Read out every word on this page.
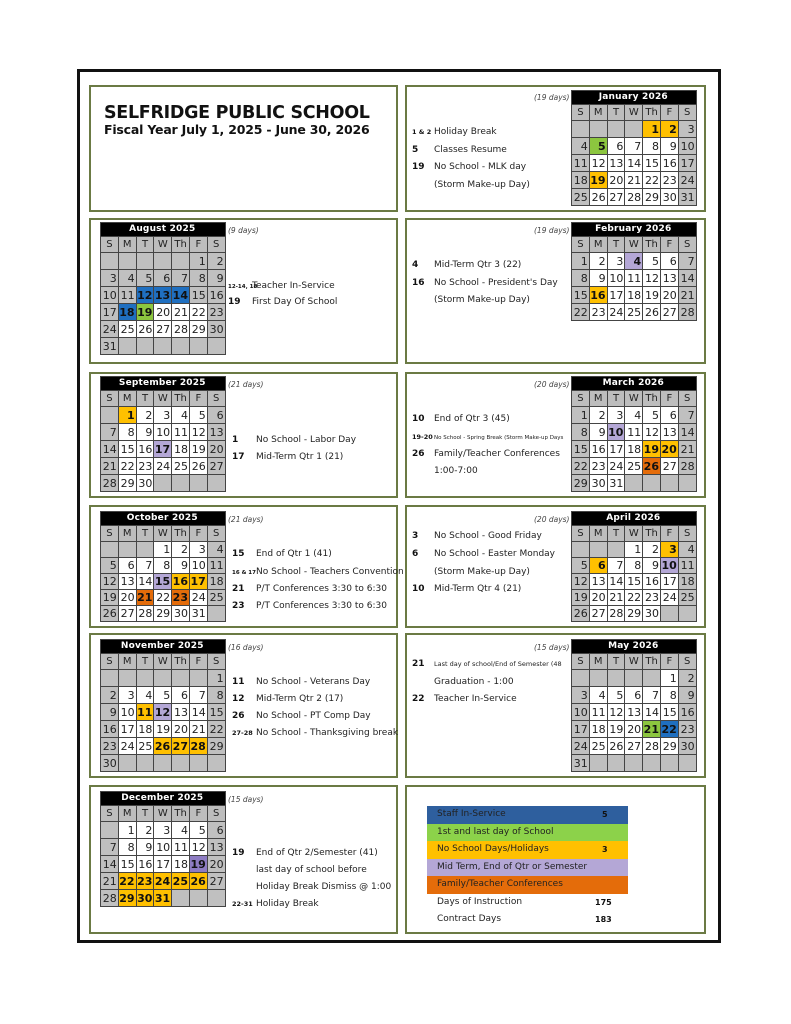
SELFRIDGE PUBLIC SCHOOL
Fiscal Year July 1, 2025 - June 30, 2026
Staff In-Service	5
1st and last day of School
No School Days/Holidays	3
Mid Term, End of Qtr or Semester
Family/Teacher Conferences
Days of Instruction	175
Contract Days	183
August 2025						
S	M	T	W	Th	F	S
					1	2
3	4	5	6	7	8	9
10	11	12	13	14	15	16
17	18	19	20	21	22	23
24	25	26	27	28	29	30
31						
(9 days)
12-14, 18Teacher In-Service
19 First Day Of School
September 2025						
S	M	T	W	Th	F	S
	1	2	3	4	5	6
7	8	9	10	11	12	13
14	15	16	17	18	19	20
21	22	23	24	25	26	27
28	29	30				
(21 days)
1 No School - Labor Day
17 Mid-Term Qtr 1 (21)
October 2025						
S	M	T	W	Th	F	S
			1	2	3	4
5	6	7	8	9	10	11
12	13	14	15	16	17	18
19	20	21	22	23	24	25
26	27	28	29	30	31	
(21 days)
15 End of Qtr 1 (41)
16 & 17No School - Teachers Convention
21 P/T Conferences 3:30 to 6:30
23 P/T Conferences 3:30 to 6:30
November 2025						
S	M	T	W	Th	F	S
						1
2	3	4	5	6	7	8
9	10	11	12	13	14	15
16	17	18	19	20	21	22
23	24	25	26	27	28	29
30						
(16 days)
11 No School - Veterans Day
12 Mid-Term Qtr 2 (17)
26 No School - PT Comp Day
27-28 No School - Thanksgiving break
December 2025						
S	M	T	W	Th	F	S
	1	2	3	4	5	6
7	8	9	10	11	12	13
14	15	16	17	18	19	20
21	22	23	24	25	26	27
28	29	30	31			
(15 days)
19 End of Qtr 2/Semester (41)
last day of school before
Holiday Break Dismiss @ 1:00
22-31 Holiday Break
January 2026						
S	M	T	W	Th	F	S
				1	2	3
4	5	6	7	8	9	10
11	12	13	14	15	16	17
18	19	20	21	22	23	24
25	26	27	28	29	30	31
(19 days)
1 & 2 Holiday Break
5 Classes Resume
19 No School - MLK day
(Storm Make-up Day)
February 2026						
S	M	T	W	Th	F	S
1	2	3	4	5	6	7
8	9	10	11	12	13	14
15	16	17	18	19	20	21
22	23	24	25	26	27	28
(19 days)
4 Mid-Term Qtr 3 (22)
16 No School - President's Day
(Storm Make-up Day)
March 2026						
S	M	T	W	Th	F	S
1	2	3	4	5	6	7
8	9	10	11	12	13	14
15	16	17	18	19	20	21
22	23	24	25	26	27	28
29	30	31				
(20 days)
10 End of Qtr 3 (45)
19-20No School - Spring Break (Storm Make-up Days
26 Family/Teacher Conferences
1:00-7:00
April 2026						
S	M	T	W	Th	F	S
			1	2	3	4
5	6	7	8	9	10	11
12	13	14	15	16	17	18
19	20	21	22	23	24	25
26	27	28	29	30		
(20 days)
3 No School - Good Friday
6 No School - Easter Monday
(Storm Make-up Day)
10 Mid-Term Qtr 4 (21)
May 2026						
S	M	T	W	Th	F	S
					1	2
3	4	5	6	7	8	9
10	11	12	13	14	15	16
17	18	19	20	21	22	23
24	25	26	27	28	29	30
31						
(15 days)
21 Last day of school/End of Semester (48
Graduation - 1:00
22 Teacher In-Service
